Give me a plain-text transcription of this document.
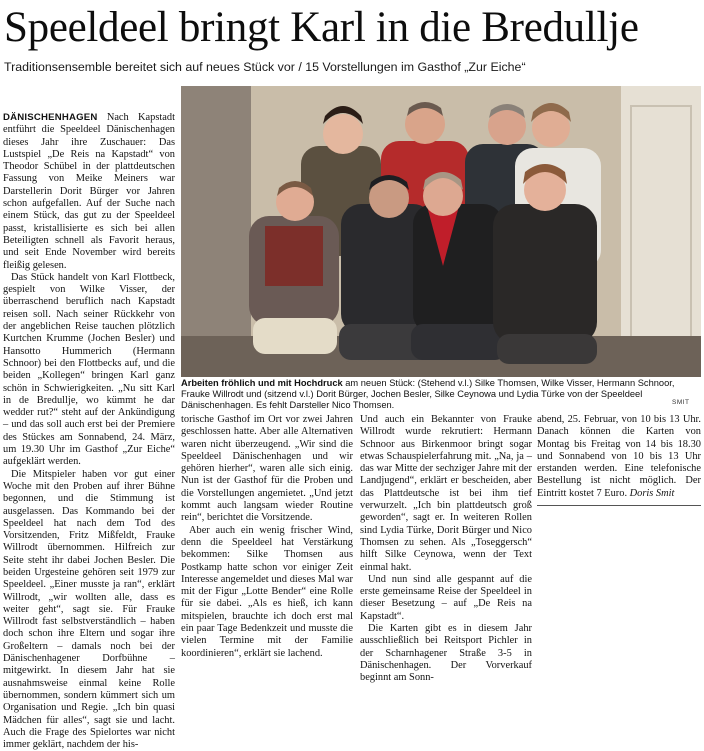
Speeldeel bringt Karl in die Bredullje
Traditionsensemble bereitet sich auf neues Stück vor / 15 Vorstellungen im Gasthof „Zur Eiche“

DÄNISCHENHAGEN Nach Kapstadt entführt die Speeldeel Dänischenhagen dieses Jahr ihre Zuschauer: Das Lustspiel „De Reis na Kapstadt“ von Theodor Schübel in der plattdeutschen Fassung von Meike Meiners war Darstellerin Dorit Bürger vor Jahren schon aufgefallen. Auf der Suche nach einem Stück, das gut zu der Speeldeel passt, kristallisierte es sich bei allen Beteiligten schnell als Favorit heraus, und seit Ende November wird bereits fleißig gelesen.

Das Stück handelt von Karl Flottbeck, gespielt von Wilke Visser, der überraschend beruflich nach Kapstadt reisen soll. Nach seiner Rückkehr von der angeblichen Reise tauchen plötzlich Kurtchen Krumme (Jochen Besler) und Hansotto Hummerich (Hermann Schnoor) bei den Flottbecks auf, und die beiden „Kollegen“ bringen Karl ganz schön in Schwierigkeiten. „Nu sitt Karl in de Bredullje, wo kümmt he dar wedder rut?“ steht auf der Ankündigung – und das soll auch erst bei der Premiere des Stückes am Sonnabend, 24. März, um 19.30 Uhr im Gasthof „Zur Eiche“ aufgeklärt werden.

Die Mitspieler haben vor gut einer Woche mit den Proben auf ihrer Bühne begonnen, und die Stimmung ist ausgelassen. Das Kommando bei der Speeldeel hat nach dem Tod des Vorsitzenden, Fritz Mißfeldt, Frauke Willrodt übernommen. Hilfreich zur Seite steht ihr dabei Jochen Besler. Die beiden Urgesteine gehören seit 1979 zur Speeldeel. „Einer musste ja ran“, erklärt Willrodt, „wir wollten alle, dass es weiter geht“, sagt sie. Für Frauke Willrodt fast selbstverständlich – haben doch schon ihre Eltern und sogar ihre Großeltern – damals noch bei der Dänischenhagener Dorfbühne – mitgewirkt. In diesem Jahr hat sie ausnahmsweise einmal keine Rolle übernommen, sondern kümmert sich um Organisation und Regie. „Ich bin quasi Mädchen für alles“, sagt sie und lacht. Auch die Frage des Spielortes war nicht immer geklärt, nachdem der his-

Arbeiten fröhlich und mit Hochdruck am neuen Stück: (Stehend v.l.) Silke Thomsen, Wilke Visser, Hermann Schnoor, Frauke Willrodt und (sitzend v.l.) Dorit Bürger, Jochen Besler, Silke Ceynowa und Lydia Türke von der Speeldeel Dänischenhagen. Es fehlt Darsteller Nico Thomsen.	SMIT

torische Gasthof im Ort vor zwei Jahren geschlossen hatte. Aber alle Alternativen waren nicht überzeugend. „Wir sind die Speeldeel Dänischenhagen und wir gehören hierher“, waren alle sich einig. Nun ist der Gasthof für die Proben und die Vorstellungen angemietet. „Und jetzt kommt auch langsam wieder Routine rein“, berichtet die Vorsitzende.

Aber auch ein wenig frischer Wind, denn die Speeldeel hat Verstärkung bekommen: Silke Thomsen aus Postkamp hatte schon vor einiger Zeit Interesse angemeldet und dieses Mal war mit der Figur „Lotte Bender“ eine Rolle für sie dabei. „Als es hieß, ich kann mitspielen, brauchte ich doch erst mal ein paar Tage Bedenkzeit und musste die vielen Termine mit der Familie koordinieren“, erklärt sie lachend.

Und auch ein Bekannter von Frauke Willrodt wurde rekrutiert: Hermann Schnoor aus Birkenmoor bringt sogar etwas Schauspielerfahrung mit. „Na, ja – das war Mitte der sechziger Jahre mit der Landjugend“, erklärt er bescheiden, aber das Plattdeutsche ist bei ihm tief verwurzelt. „Ich bin plattdeutsch groß geworden“, sagt er. In weiteren Rollen sind Lydia Türke, Dorit Bürger und Nico Thomsen zu sehen. Als „Toseggersch“ hilft Silke Ceynowa, wenn der Text einmal hakt.

Und nun sind alle gespannt auf die erste gemeinsame Reise der Speeldeel in dieser Besetzung – auf „De Reis na Kapstadt“.

Die Karten gibt es in diesem Jahr ausschließlich bei Reitsport Pichler in der Scharnhagener Straße 3-5 in Dänischenhagen. Der Vorverkauf beginnt am Sonn-

abend, 25. Februar, von 10 bis 13 Uhr. Danach können die Karten von Montag bis Freitag von 14 bis 18.30 und Sonnabend von 10 bis 13 Uhr erstanden werden. Eine telefonische Bestellung ist nicht möglich. Der Eintritt kostet 7 Euro. Doris Smit
